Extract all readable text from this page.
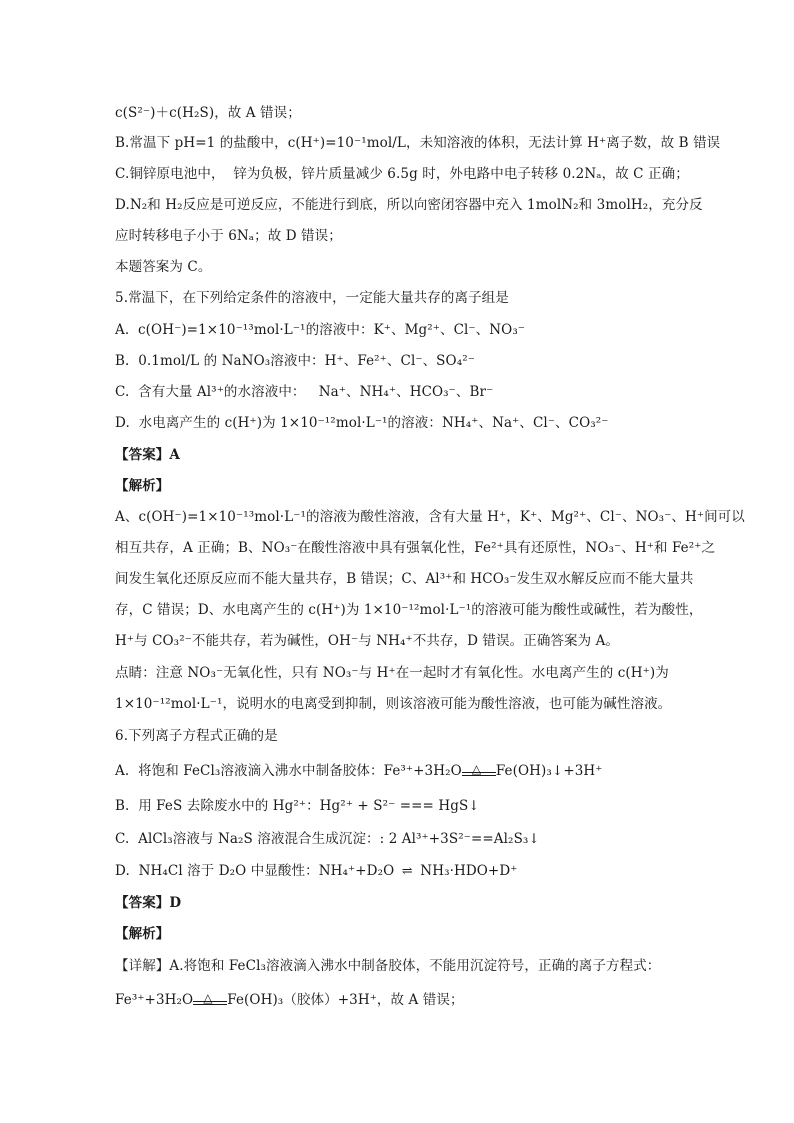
c(S²⁻)＋c(H₂S)，故 A 错误；
B.常温下 pH=1 的盐酸中，c(H⁺)=10⁻¹mol/L，未知溶液的体积，无法计算 H⁺离子数，故 B 错误
C.铜锌原电池中，  锌为负极，锌片质量减少 6.5g 时，外电路中电子转移 0.2Nₐ，故 C 正确；
D.N₂和 H₂反应是可逆反应，不能进行到底，所以向密闭容器中充入 1molN₂和 3molH₂，充分反
应时转移电子小于 6Nₐ；故 D 错误；
本题答案为 C。
5.常温下，在下列给定条件的溶液中，一定能大量共存的离子组是
A.  c(OH⁻)=1×10⁻¹³mol·L⁻¹的溶液中：K⁺、Mg²⁺、Cl⁻、NO₃⁻
B.  0.1mol/L 的 NaNO₃溶液中：H⁺、Fe²⁺、Cl⁻、SO₄²⁻
C.  含有大量 Al³⁺的水溶液中：   Na⁺、NH₄⁺、HCO₃⁻、Br⁻
D.  水电离产生的 c(H⁺)为 1×10⁻¹²mol·L⁻¹的溶液：NH₄⁺、Na⁺、Cl⁻、CO₃²⁻
【答案】A
【解析】
A、c(OH⁻)=1×10⁻¹³mol·L⁻¹的溶液为酸性溶液，含有大量 H⁺，K⁺、Mg²⁺、Cl⁻、NO₃⁻、H⁺间可以
相互共存，A 正确；B、NO₃⁻在酸性溶液中具有强氧化性，Fe²⁺具有还原性，NO₃⁻、H⁺和 Fe²⁺之
间发生氧化还原反应而不能大量共存，B 错误；C、Al³⁺和 HCO₃⁻发生双水解反应而不能大量共
存，C 错误；D、水电离产生的 c(H⁺)为 1×10⁻¹²mol·L⁻¹的溶液可能为酸性或碱性，若为酸性，
H⁺与 CO₃²⁻不能共存，若为碱性，OH⁻与 NH₄⁺不共存，D 错误。正确答案为 A。
点睛：注意 NO₃⁻无氧化性，只有 NO₃⁻与 H⁺在一起时才有氧化性。水电离产生的 c(H⁺)为
1×10⁻¹²mol·L⁻¹，说明水的电离受到抑制，则该溶液可能为酸性溶液，也可能为碱性溶液。
6.下列离子方程式正确的是
A.  将饱和 FeCl₃溶液滴入沸水中制备胶体：Fe³⁺+3H₂O △ Fe(OH)₃↓+3H⁺
B.  用 FeS 去除废水中的 Hg²⁺：Hg²⁺ + S²⁻ === HgS↓
C.  AlCl₃溶液与 Na₂S 溶液混合生成沉淀：: 2 Al³⁺+3S²⁻==Al₂S₃↓
D.  NH₄Cl 溶于 D₂O 中显酸性：NH₄⁺+D₂O ⇌ NH₃·HDO+D⁺
【答案】D
【解析】
【详解】A.将饱和 FeCl₃溶液滴入沸水中制备胶体，不能用沉淀符号，正确的离子方程式：
Fe³⁺+3H₂O △ Fe(OH)₃（胶体）+3H⁺，故 A 错误；
